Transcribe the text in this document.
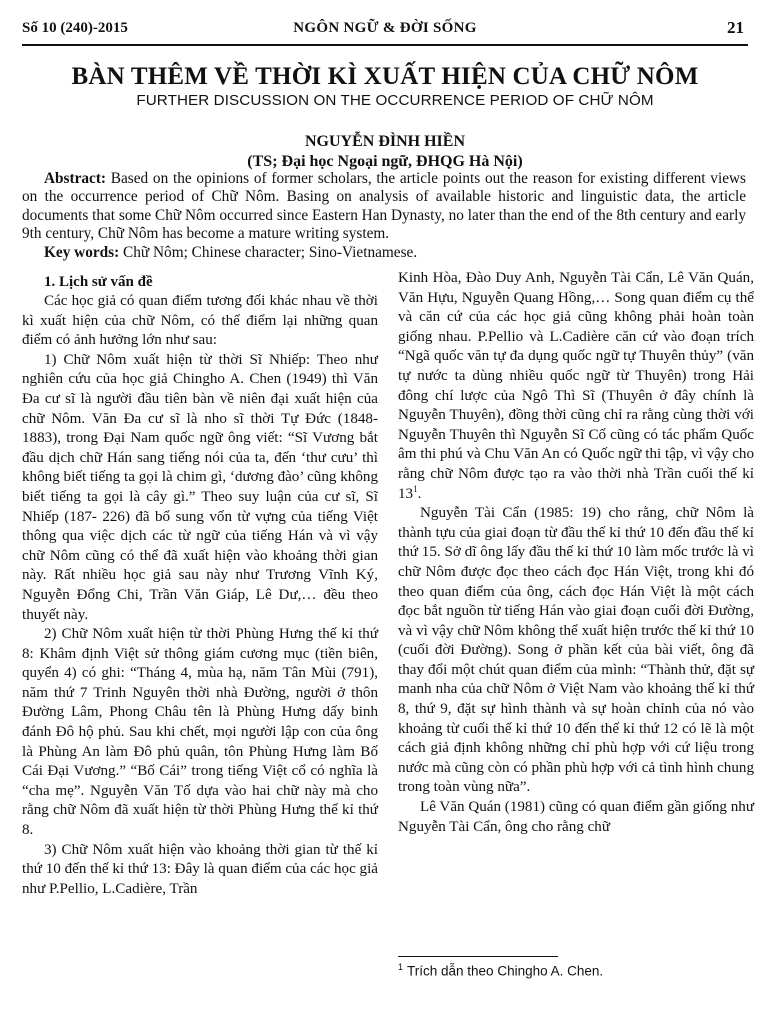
Số 10 (240)-2015	NGÔN NGỮ & ĐỜI SỐNG	21
BÀN THÊM VỀ THỜI KÌ XUẤT HIỆN CỦA CHỮ NÔM
FURTHER DISCUSSION ON THE OCCURRENCE PERIOD OF CHỮ NÔM
NGUYỄN ĐÌNH HIỀN
(TS; Đại học Ngoại ngữ, ĐHQG Hà Nội)

Abstract: Based on the opinions of former scholars, the article points out the reason for existing different views on the occurrence period of Chữ Nôm. Basing on analysis of available historic and linguistic data, the article documents that some Chữ Nôm occurred since Eastern Han Dynasty, no later than the end of the 8th century and early 9th century, Chữ Nôm has become a mature writing system.

Key words: Chữ Nôm; Chinese character; Sino-Vietnamese.

1. Lịch sử vấn đề

Các học giả có quan điểm tương đối khác nhau về thời kì xuất hiện của chữ Nôm, có thể điểm lại những quan điểm có ảnh hưởng lớn như sau:

1) Chữ Nôm xuất hiện từ thời Sĩ Nhiếp: Theo như nghiên cứu của học giả Chingho A. Chen (1949) thì Văn Đa cư sĩ là người đầu tiên bàn về niên đại xuất hiện của chữ Nôm. Văn Đa cư sĩ là nho sĩ thời Tự Đức (1848- 1883), trong Đại Nam quốc ngữ ông viết: “Sĩ Vương bắt đầu dịch chữ Hán sang tiếng nói của ta, đến ‘thư cưu’ thì không biết tiếng ta gọi là chim gì, ‘dương đào’ cũng không biết tiếng ta gọi là cây gì.” Theo suy luận của cư sĩ, Sĩ Nhiếp (187- 226) đã bổ sung vốn từ vựng của tiếng Việt thông qua việc dịch các từ ngữ của tiếng Hán và vì vậy chữ Nôm cũng có thể đã xuất hiện vào khoảng thời gian này. Rất nhiều học giả sau này như Trương Vĩnh Ký, Nguyễn Đổng Chi, Trần Văn Giáp, Lê Dư,… đều theo thuyết này.

2) Chữ Nôm xuất hiện từ thời Phùng Hưng thế kỉ thứ 8: Khâm định Việt sử thông giám cương mục (tiền biên, quyển 4) có ghi: “Tháng 4, mùa hạ, năm Tân Mùi (791), năm thứ 7 Trinh Nguyên thời nhà Đường, người ở thôn Đường Lâm, Phong Châu tên là Phùng Hưng dấy binh đánh Đô hộ phủ. Sau khi chết, mọi người lập con của ông là Phùng An làm Đô phủ quân, tôn Phùng Hưng làm Bố Cái Đại Vương.” “Bố Cái” trong tiếng Việt cổ có nghĩa là “cha mẹ”. Nguyễn Văn Tố dựa vào hai chữ này mà cho rằng chữ Nôm đã xuất hiện từ thời Phùng Hưng thế kỉ thứ 8.

3) Chữ Nôm xuất hiện vào khoảng thời gian từ thế kỉ thứ 10 đến thế kỉ thứ 13: Đây là quan điểm của các học giả như P.Pellio, L.Cadière, Trần

Kinh Hòa, Đào Duy Anh, Nguyễn Tài Cẩn, Lê Văn Quán, Văn Hựu, Nguyễn Quang Hồng,… Song quan điểm cụ thể và căn cứ của các học giả cũng không phải hoàn toàn giống nhau. P.Pellio và L.Cadière căn cứ vào đoạn trích “Ngã quốc văn tự đa dụng quốc ngữ tự Thuyên thủy” (văn tự nước ta dùng nhiều quốc ngữ từ Thuyên) trong Hải đông chí lược của Ngô Thì Sĩ (Thuyên ở đây chính là Nguyễn Thuyên), đồng thời cũng chỉ ra rằng cùng thời với Nguyễn Thuyên thì Nguyễn Sĩ Cố cũng có tác phẩm Quốc âm thi phú và Chu Văn An có Quốc ngữ thi tập, vì vậy cho rằng chữ Nôm được tạo ra vào thời nhà Trần cuối thế kỉ $13^1$.

Nguyễn Tài Cẩn (1985: 19) cho rằng, chữ Nôm là thành tựu của giai đoạn từ đầu thế kỉ thứ 10 đến đầu thế kỉ thứ 15. Sở dĩ ông lấy đầu thế kỉ thứ 10 làm mốc trước là vì chữ Nôm được đọc theo cách đọc Hán Việt, trong khi đó theo quan điểm của ông, cách đọc Hán Việt là một cách đọc bắt nguồn từ tiếng Hán vào giai đoạn cuối đời Đường, và vì vậy chữ Nôm không thể xuất hiện trước thế kỉ thứ 10 (cuối đời Đường). Song ở phần kết của bài viết, ông đã thay đổi một chút quan điểm của mình: “Thành thử, đặt sự manh nha của chữ Nôm ở Việt Nam vào khoảng thế kỉ thứ 8, thứ 9, đặt sự hình thành và sự hoàn chỉnh của nó vào khoảng từ cuối thế kỉ thứ 10 đến thế kỉ thứ 12 có lẽ là một cách giả định không những chỉ phù hợp với cứ liệu trong nước mà cũng còn có phần phù hợp với cả tình hình chung trong toàn vùng nữa”.

Lê Văn Quán (1981) cũng có quan điểm gần giống như Nguyễn Tài Cẩn, ông cho rằng chữ

$^1$ Trích dẫn theo Chingho A. Chen.
